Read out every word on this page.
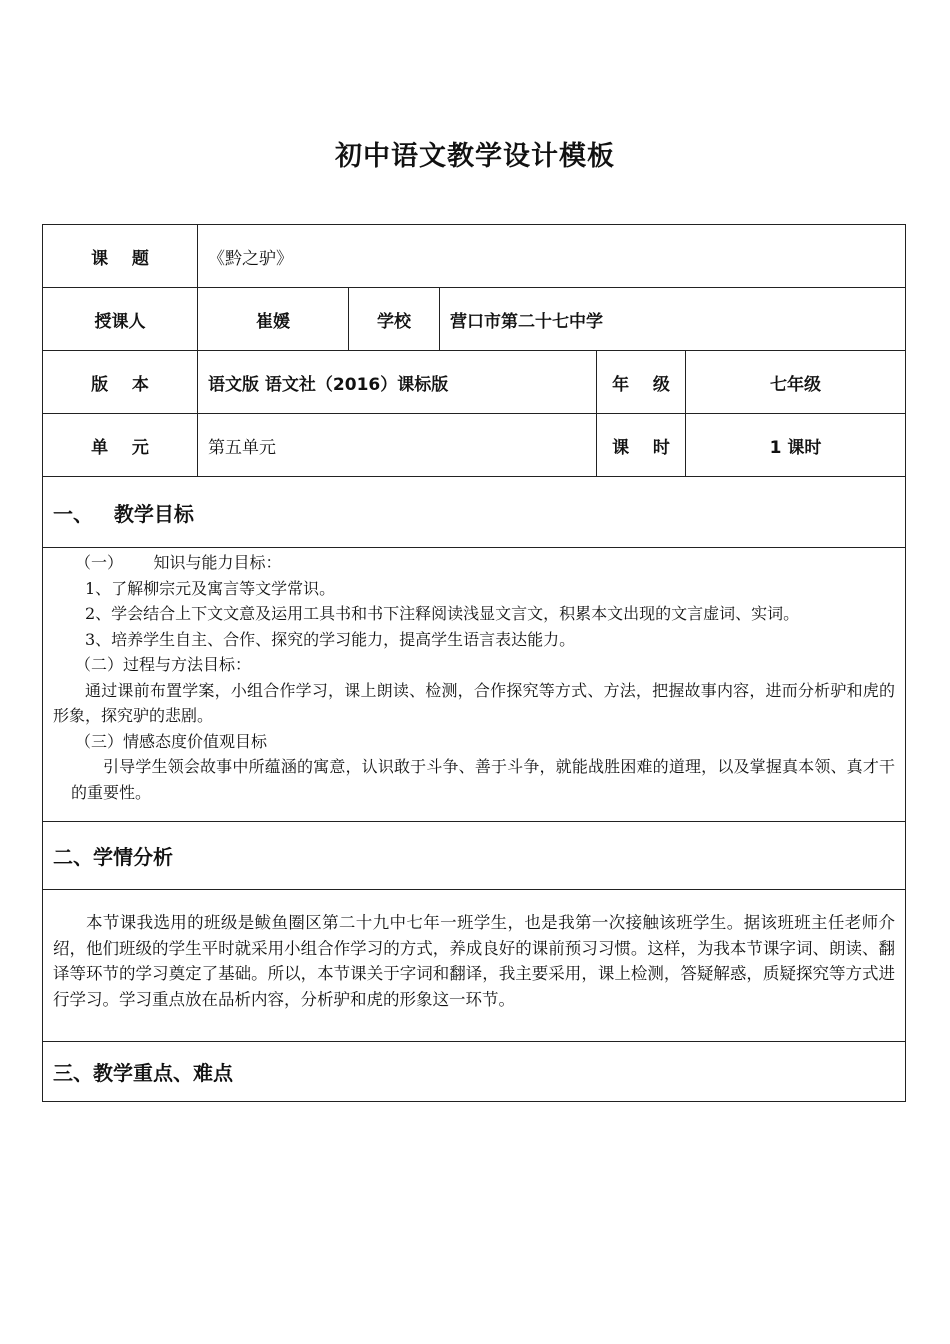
初中语文教学设计模板
课    题	《黔之驴》
授课人	崔媛	学校	营口市第二十七中学
版    本	语文版 语文社（2016）课标版	年    级	七年级
单    元	第五单元	课    时	1 课时
一、   教学目标

（一）      知识与能力目标：

1、了解柳宗元及寓言等文学常识。

2、学会结合上下文文意及运用工具书和书下注释阅读浅显文言文，积累本文出现的文言虚词、实词。

3、培养学生自主、合作、探究的学习能力，提高学生语言表达能力。

（二）过程与方法目标：

通过课前布置学案，小组合作学习，课上朗读、检测，合作探究等方式、方法，把握故事内容，进而分析驴和虎的形象，探究驴的悲剧。

（三）情感态度价值观目标

引导学生领会故事中所蕴涵的寓意，认识敢于斗争、善于斗争，就能战胜困难的道理，以及掌握真本领、真才干的重要性。

二、学情分析

本节课我选用的班级是鲅鱼圈区第二十九中七年一班学生，也是我第一次接触该班学生。据该班班主任老师介绍，他们班级的学生平时就采用小组合作学习的方式，养成良好的课前预习习惯。这样，为我本节课字词、朗读、翻译等环节的学习奠定了基础。所以，本节课关于字词和翻译，我主要采用，课上检测，答疑解惑，质疑探究等方式进行学习。学习重点放在品析内容，分析驴和虎的形象这一环节。

三、教学重点、难点
